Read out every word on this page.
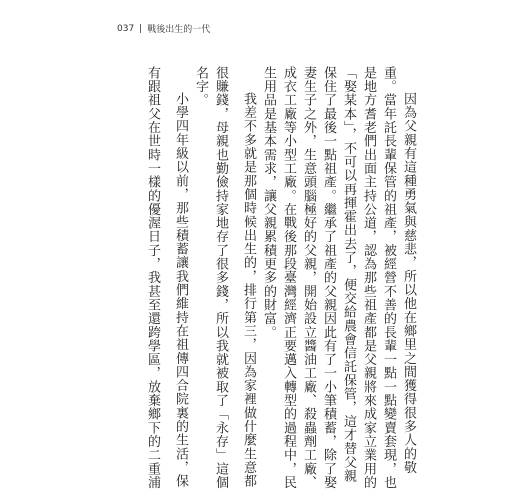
037 戰後出生的一代
因為父親有這種勇氣與慈悲，所以他在鄉里之間獲得很多人的敬
重。當年託長輩保管的祖產，被經營不善的長輩一點一點變賣套現，也
是地方耆老們出面主持公道，認為那些祖產都是父親將來成家立業用的
「娶某本」，不可以再揮霍出去了，便交給農會信託保管，這才替父親
保住了最後一點祖產。繼承了祖產的父親因此有了一小筆積蓄，除了娶
妻生子之外，生意頭腦極好的父親，開始設立醬油工廠、殺蟲劑工廠、
成衣工廠等小型工廠。在戰後那段臺灣經濟正要邁入轉型的過程中，民
生用品是基本需求，讓父親累積更多的財富。
我差不多就是那個時候出生的，排行第三，因為家裡做什麼生意都
很賺錢，母親也勤儉持家地存了很多錢，所以我就被取了「永存」這個
名字。
小學四年級以前，那些積蓄讓我們維持在祖傳四合院裏的生活，保
有跟祖父在世時一樣的優渥日子，我甚至還跨學區，放棄鄉下的二重浦
